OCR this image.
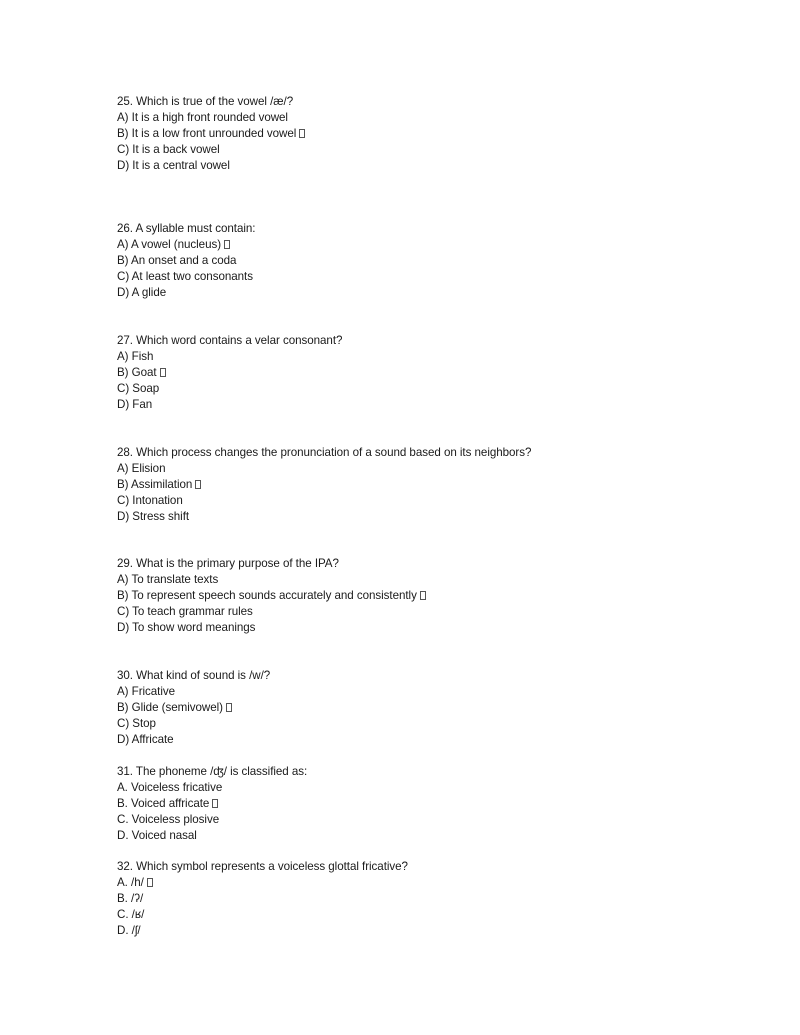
25. Which is true of the vowel /æ/?
A) It is a high front rounded vowel
B) It is a low front unrounded vowel
C) It is a back vowel
D) It is a central vowel
26. A syllable must contain:
A) A vowel (nucleus)
B) An onset and a coda
C) At least two consonants
D) A glide
27. Which word contains a velar consonant?
A) Fish
B) Goat
C) Soap
D) Fan
28. Which process changes the pronunciation of a sound based on its neighbors?
A) Elision
B) Assimilation
C) Intonation
D) Stress shift
29. What is the primary purpose of the IPA?
A) To translate texts
B) To represent speech sounds accurately and consistently
C) To teach grammar rules
D) To show word meanings
30. What kind of sound is /w/?
A) Fricative
B) Glide (semivowel)
C) Stop
D) Affricate
31. The phoneme /ʤ/ is classified as:
A. Voiceless fricative
B. Voiced affricate
C. Voiceless plosive
D. Voiced nasal
32. Which symbol represents a voiceless glottal fricative?
A. /h/
B. /ʔ/
C. /ʁ/
D. /ʃ/
